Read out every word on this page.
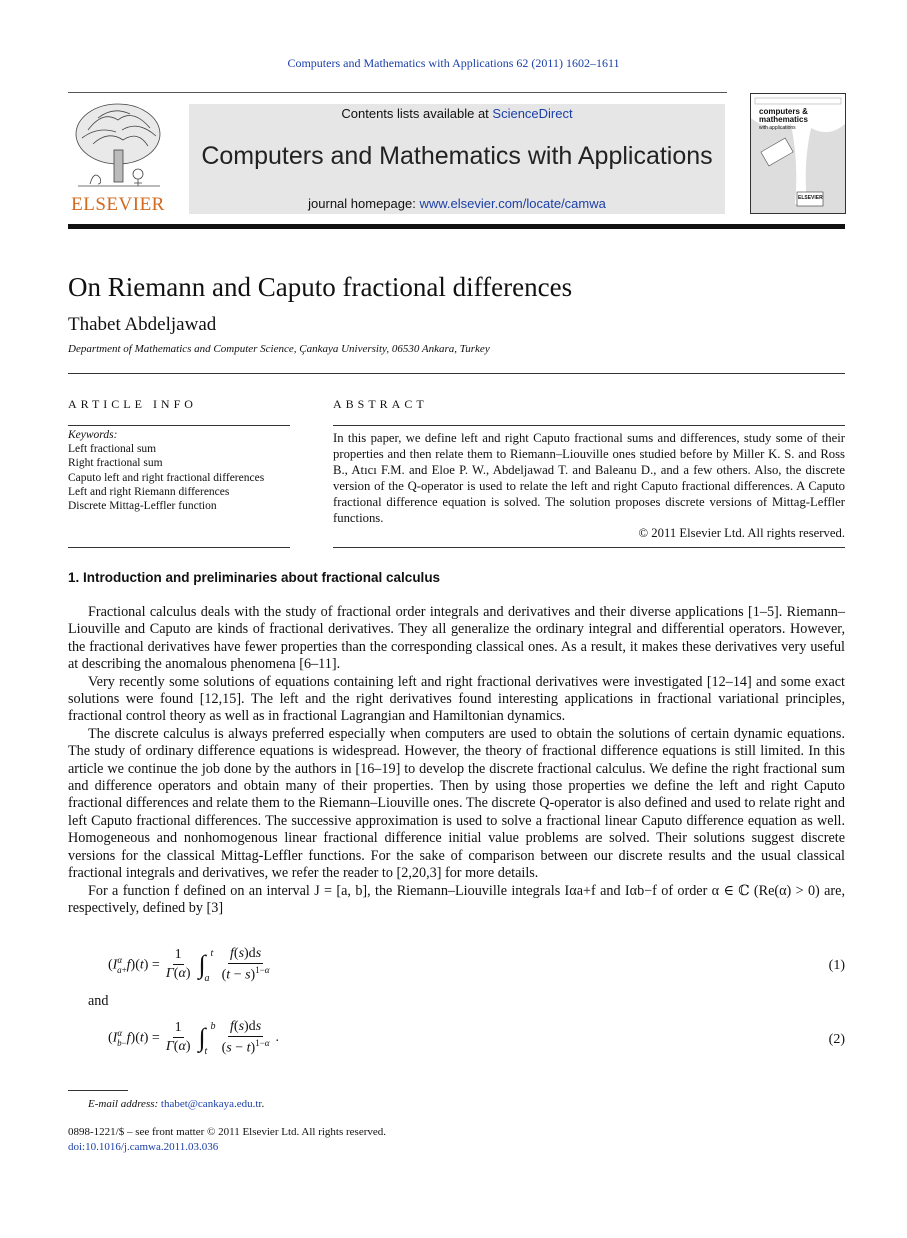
Computers and Mathematics with Applications 62 (2011) 1602–1611
ELSEVIER
Contents lists available at ScienceDirect
Computers and Mathematics with Applications
journal homepage: www.elsevier.com/locate/camwa
computers &
mathematics
with applications
ELSEVIER
On Riemann and Caputo fractional differences
Thabet Abdeljawad
Department of Mathematics and Computer Science, Çankaya University, 06530 Ankara, Turkey
ARTICLE INFO
Keywords:
Left fractional sum
Right fractional sum
Caputo left and right fractional differences
Left and right Riemann differences
Discrete Mittag-Leffler function
ABSTRACT
In this paper, we define left and right Caputo fractional sums and differences, study some of their properties and then relate them to Riemann–Liouville ones studied before by Miller K. S. and Ross B., Atıcı F.M. and Eloe P. W., Abdeljawad T. and Baleanu D., and a few others. Also, the discrete version of the Q-operator is used to relate the left and right Caputo fractional differences. A Caputo fractional difference equation is solved. The solution proposes discrete versions of Mittag-Leffler functions.
© 2011 Elsevier Ltd. All rights reserved.
1. Introduction and preliminaries about fractional calculus

Fractional calculus deals with the study of fractional order integrals and derivatives and their diverse applications [1–5]. Riemann–Liouville and Caputo are kinds of fractional derivatives. They all generalize the ordinary integral and differential operators. However, the fractional derivatives have fewer properties than the corresponding classical ones. As a result, it makes these derivatives very useful at describing the anomalous phenomena [6–11].

Very recently some solutions of equations containing left and right fractional derivatives were investigated [12–14] and some exact solutions were found [12,15]. The left and the right derivatives found interesting applications in fractional variational principles, fractional control theory as well as in fractional Lagrangian and Hamiltonian dynamics.

The discrete calculus is always preferred especially when computers are used to obtain the solutions of certain dynamic equations. The study of ordinary difference equations is widespread. However, the theory of fractional difference equations is still limited. In this article we continue the job done by the authors in [16–19] to develop the discrete fractional calculus. We define the right fractional sum and difference operators and obtain many of their properties. Then by using those properties we define the left and right Caputo fractional differences and relate them to the Riemann–Liouville ones. The discrete Q-operator is also defined and used to relate right and left Caputo fractional differences. The successive approximation is used to solve a fractional linear Caputo difference equation as well. Homogeneous and nonhomogenous linear fractional difference initial value problems are solved. Their solutions suggest discrete versions for the classical Mittag-Leffler functions. For the sake of comparison between our discrete results and the usual classical fractional integrals and derivatives, we refer the reader to [2,20,3] for more details.

For a function f defined on an interval J = [a, b], the Riemann–Liouville integrals Iαa+f and Iαb−f of order α ∈ ℂ (Re(α) > 0) are, respectively, defined by [3]

$(I^\alpha_{a+}f)(t) = \frac{1}{\Gamma(\alpha)}$ ∫ t
a $\frac{f(s)ds}{(t - s)^{1-\alpha}}$	(1)
and
$(I^\alpha_{b-}f)(t) = \frac{1}{\Gamma(\alpha)}$ ∫ b
t $\frac{f(s)ds}{(s - t)^{1-\alpha}}$ .	(2)
E-mail address: thabet@cankaya.edu.tr.
0898-1221/$ – see front matter © 2011 Elsevier Ltd. All rights reserved.
doi:10.1016/j.camwa.2011.03.036
